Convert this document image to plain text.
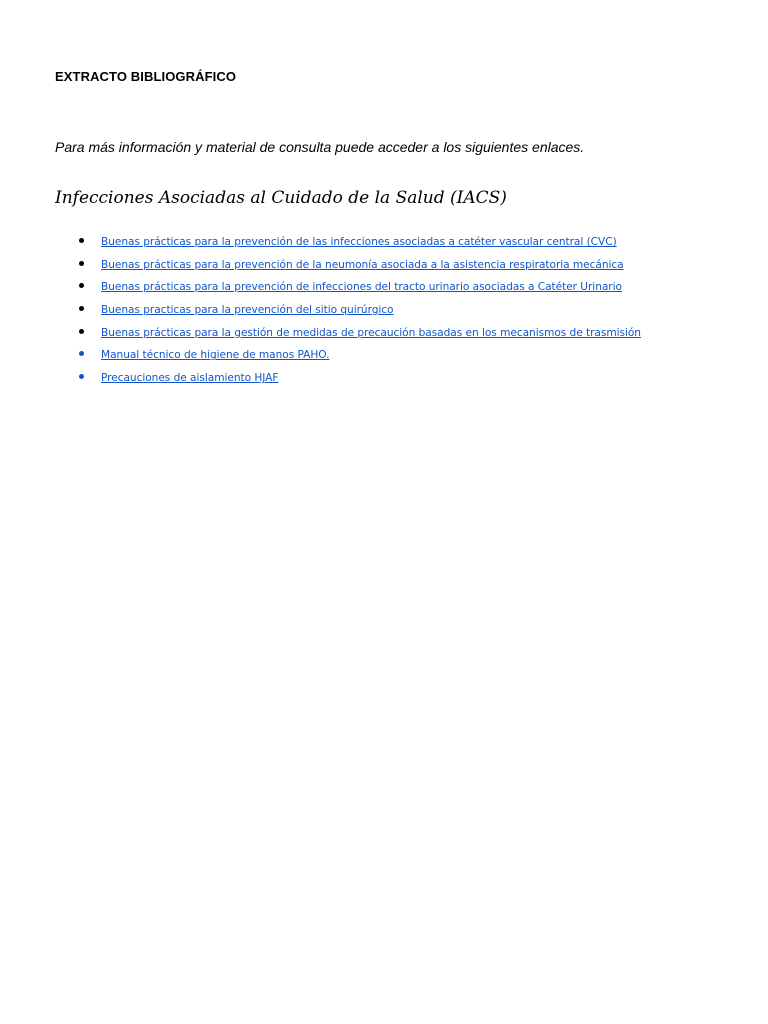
EXTRACTO BIBLIOGRÁFICO
Para más información y material de consulta puede acceder a los siguientes enlaces.
Infecciones Asociadas al Cuidado de la Salud (IACS)
Buenas prácticas para la prevención de las infecciones asociadas a catéter vascular central (CVC)
Buenas prácticas para la prevención de la neumonía asociada a la asistencia respiratoria mecánica
Buenas prácticas para la prevención de infecciones del tracto urinario asociadas a Catéter Urinario
Buenas practicas para la prevención del sitio quirúrgico
Buenas prácticas para la gestión de medidas de precaución basadas en los mecanismos de trasmisión
Manual técnico de higiene de manos PAHO.
Precauciones de aislamiento HJAF
